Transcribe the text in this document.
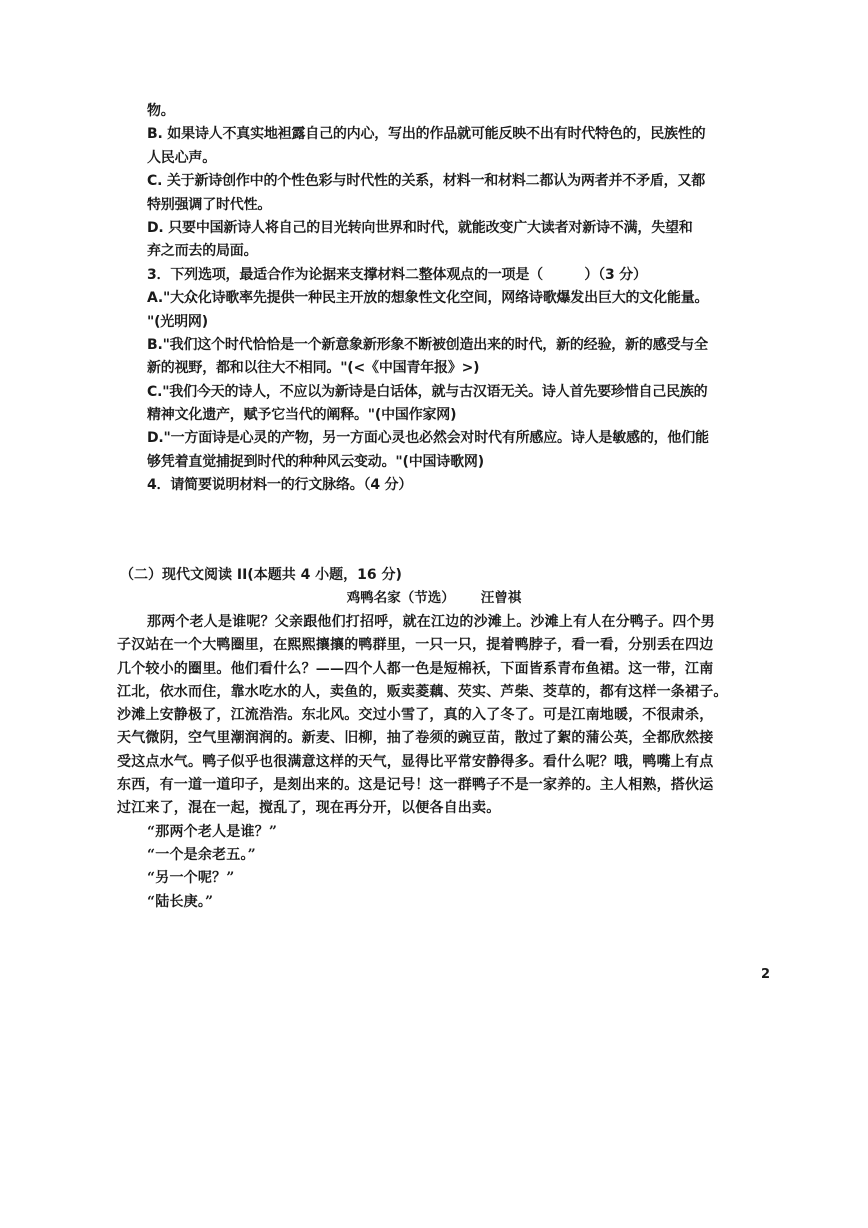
物。
B. 如果诗人不真实地袒露自己的内心，写出的作品就可能反映不出有时代特色的，民族性的
人民心声。
C. 关于新诗创作中的个性色彩与时代性的关系，材料一和材料二都认为两者并不矛盾，又都
特别强调了时代性。
D. 只要中国新诗人将自己的目光转向世界和时代，就能改变广大读者对新诗不满，失望和
弃之而去的局面。
3．下列选项，最适合作为论据来支撑材料二整体观点的一项是（　　　）（3 分）
A."大众化诗歌率先提供一种民主开放的想象性文化空间，网络诗歌爆发出巨大的文化能量。
"(光明网)
B."我们这个时代恰恰是一个新意象新形象不断被创造出来的时代，新的经验，新的感受与全
新的视野，都和以往大不相同。"(<《中国青年报》>)
C."我们今天的诗人，不应以为新诗是白话体，就与古汉语无关。诗人首先要珍惜自己民族的
精神文化遗产，赋予它当代的阐释。"(中国作家网)
D."一方面诗是心灵的产物，另一方面心灵也必然会对时代有所感应。诗人是敏感的，他们能
够凭着直觉捕捉到时代的种种风云变动。"(中国诗歌网)
4．请简要说明材料一的行文脉络。（4 分）
（二）现代文阅读 II(本题共 4 小题，16 分)
鸡鸭名家（节选） 汪曾祺
那两个老人是谁呢？父亲跟他们打招呼，就在江边的沙滩上。沙滩上有人在分鸭子。四个男
子汉站在一个大鸭圈里，在熙熙攘攘的鸭群里，一只一只，提着鸭脖子，看一看，分别丢在四边
几个较小的圈里。他们看什么？——四个人都一色是短棉袄，下面皆系青布鱼裙。这一带，江南
江北，依水而住，靠水吃水的人，卖鱼的，贩卖菱藕、芡实、芦柴、茭草的，都有这样一条裙子。
沙滩上安静极了，江流浩浩。东北风。交过小雪了，真的入了冬了。可是江南地暖，不很肃杀，
天气微阴，空气里潮润润的。新麦、旧柳，抽了卷须的豌豆苗，散过了絮的蒲公英，全都欣然接
受这点水气。鸭子似乎也很满意这样的天气，显得比平常安静得多。看什么呢？哦，鸭嘴上有点
东西，有一道一道印子，是刻出来的。这是记号！这一群鸭子不是一家养的。主人相熟，搭伙运
过江来了，混在一起，搅乱了，现在再分开，以便各自出卖。
“那两个老人是谁？”
“一个是余老五。”
“另一个呢？”
“陆长庚。”
2
